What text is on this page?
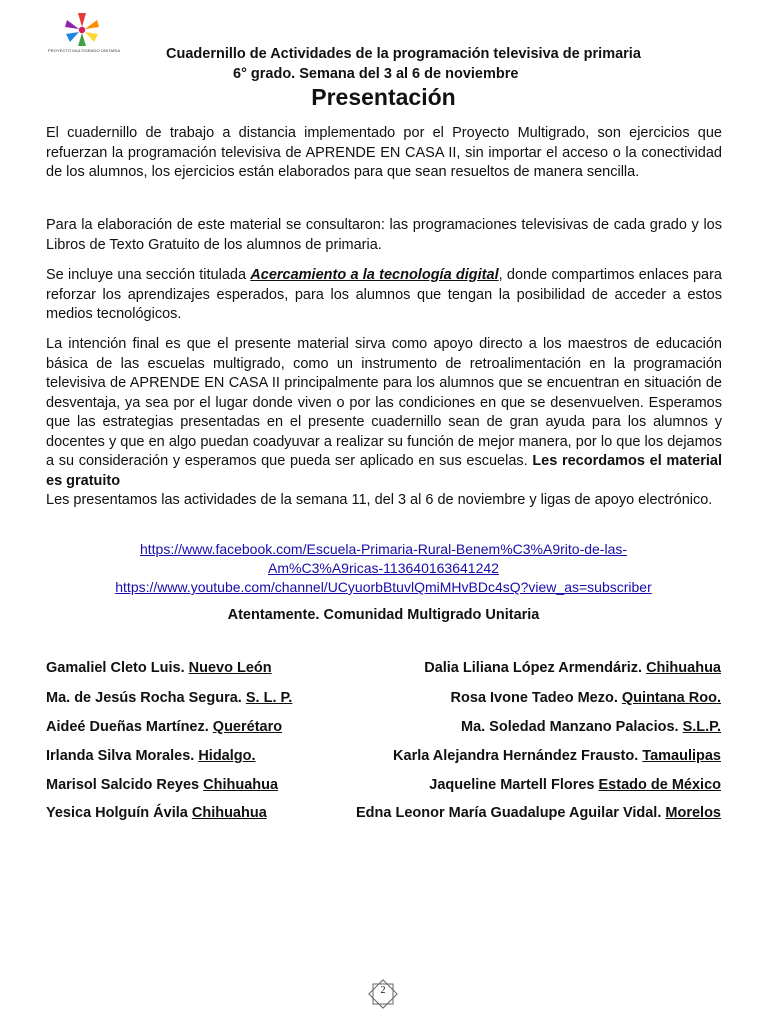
PROYECTO MULTIGRADO UNITARIA	Cuadernillo de Actividades de la programación televisiva de primaria
6° grado. Semana del 3 al 6 de noviembre
Presentación

El cuadernillo de trabajo a distancia implementado por el Proyecto Multigrado, son ejercicios que refuerzan la programación televisiva de APRENDE EN CASA II, sin importar el acceso o la conectividad de los alumnos, los ejercicios están elaborados para que sean resueltos de manera sencilla.

Para la elaboración de este material se consultaron: las programaciones televisivas de cada grado y los Libros de Texto Gratuito de los alumnos de primaria.

Se incluye una sección titulada Acercamiento a la tecnología digital, donde compartimos enlaces para reforzar los aprendizajes esperados, para los alumnos que tengan la posibilidad de acceder a estos medios tecnológicos.

La intención final es que el presente material sirva como apoyo directo a los maestros de educación básica de las escuelas multigrado, como un instrumento de retroalimentación en la programación televisiva de APRENDE EN CASA II principalmente para los alumnos que se encuentran en situación de desventaja, ya sea por el lugar donde viven o por las condiciones en que se desenvuelven. Esperamos que las estrategias presentadas en el presente cuadernillo sean de gran ayuda para los alumnos y docentes y que en algo puedan coadyuvar a realizar su función de mejor manera, por lo que los dejamos a su consideración y esperamos que pueda ser aplicado en sus escuelas. Les recordamos el material es gratuito

Les presentamos las actividades de la semana 11, del 3 al 6 de noviembre y ligas de apoyo electrónico.

https://www.facebook.com/Escuela-Primaria-Rural-Benem%C3%A9rito-de-las-
Am%C3%A9ricas-113640163641242
https://www.youtube.com/channel/UCyuorbBtuvlQmiMHvBDc4sQ?view_as=subscriber
Atentamente. Comunidad Multigrado Unitaria
Gamaliel Cleto Luis. Nuevo León
Ma. de Jesús Rocha Segura. S. L. P.
Aideé Dueñas Martínez. Querétaro
Irlanda Silva Morales. Hidalgo.
Marisol Salcido Reyes Chihuahua
Yesica Holguín Ávila Chihuahua
Dalia Liliana López Armendáriz. Chihuahua
Rosa Ivone Tadeo Mezo. Quintana Roo.
Ma. Soledad Manzano Palacios. S.L.P.
Karla Alejandra Hernández Frausto. Tamaulipas
Jaqueline Martell Flores Estado de México
Edna Leonor María Guadalupe Aguilar Vidal. Morelos
2
